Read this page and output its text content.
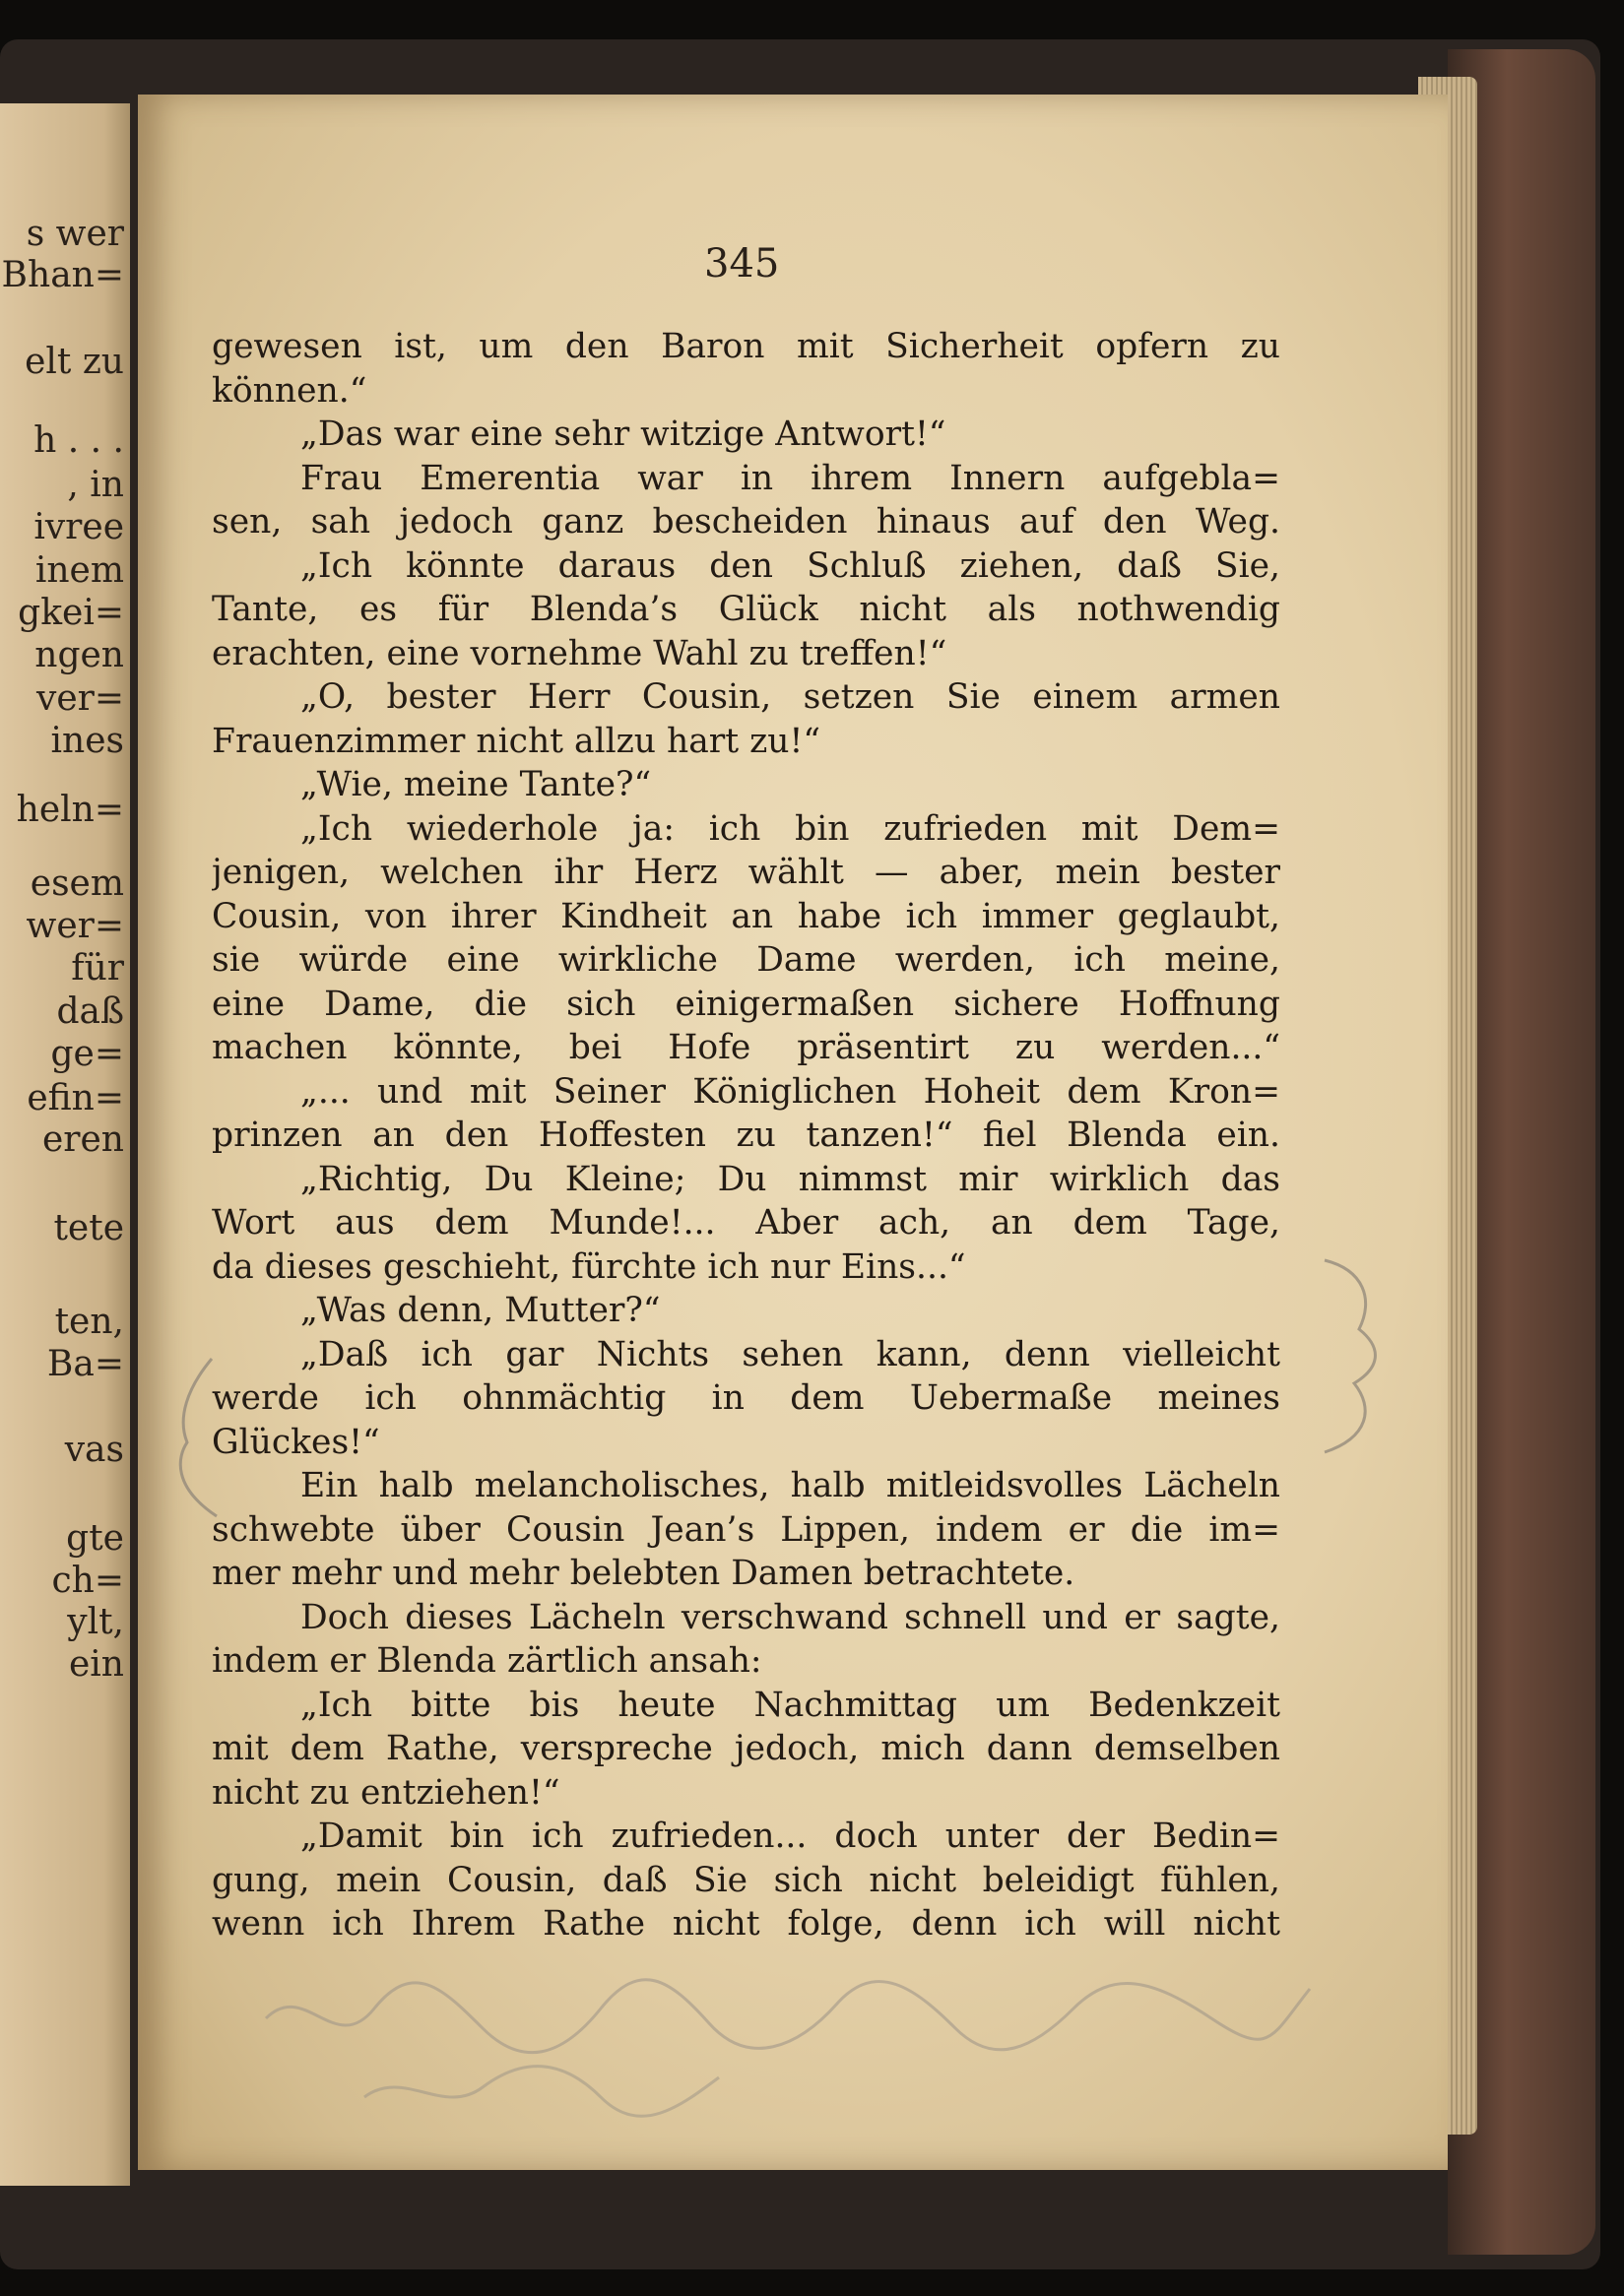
s wer
Bhan=
elt zu
h . . .
, in
ivree
inem
gkei=
ngen
ver=
ines
heln=
esem
wer=
für
daß
ge=
efin=
eren
tete
ten,
Ba=
vas
gte
ch=
ylt,
ein
345
gewesen ist, um den Baron mit Sicherheit opfern zu
können.“
„Das war eine sehr witzige Antwort!“
Frau Emerentia war in ihrem Innern aufgebla=
sen, sah jedoch ganz bescheiden hinaus auf den Weg.
„Ich könnte daraus den Schluß ziehen, daß Sie,
Tante, es für Blenda’s Glück nicht als nothwendig
erachten, eine vornehme Wahl zu treffen!“
„O, bester Herr Cousin, setzen Sie einem armen
Frauenzimmer nicht allzu hart zu!“
„Wie, meine Tante?“
„Ich wiederhole ja: ich bin zufrieden mit Dem=
jenigen, welchen ihr Herz wählt — aber, mein bester
Cousin, von ihrer Kindheit an habe ich immer geglaubt,
sie würde eine wirkliche Dame werden, ich meine,
eine Dame, die sich einigermaßen sichere Hoffnung
machen könnte, bei Hofe präsentirt zu werden...“
„... und mit Seiner Königlichen Hoheit dem Kron=
prinzen an den Hoffesten zu tanzen!“ fiel Blenda ein.
„Richtig, Du Kleine; Du nimmst mir wirklich das
Wort aus dem Munde!... Aber ach, an dem Tage,
da dieses geschieht, fürchte ich nur Eins...“
„Was denn, Mutter?“
„Daß ich gar Nichts sehen kann, denn vielleicht
werde ich ohnmächtig in dem Uebermaße meines
Glückes!“
Ein halb melancholisches, halb mitleidsvolles Lächeln
schwebte über Cousin Jean’s Lippen, indem er die im=
mer mehr und mehr belebten Damen betrachtete.
Doch dieses Lächeln verschwand schnell und er sagte,
indem er Blenda zärtlich ansah:
„Ich bitte bis heute Nachmittag um Bedenkzeit
mit dem Rathe, verspreche jedoch, mich dann demselben
nicht zu entziehen!“
„Damit bin ich zufrieden... doch unter der Bedin=
gung, mein Cousin, daß Sie sich nicht beleidigt fühlen,
wenn ich Ihrem Rathe nicht folge, denn ich will nicht
